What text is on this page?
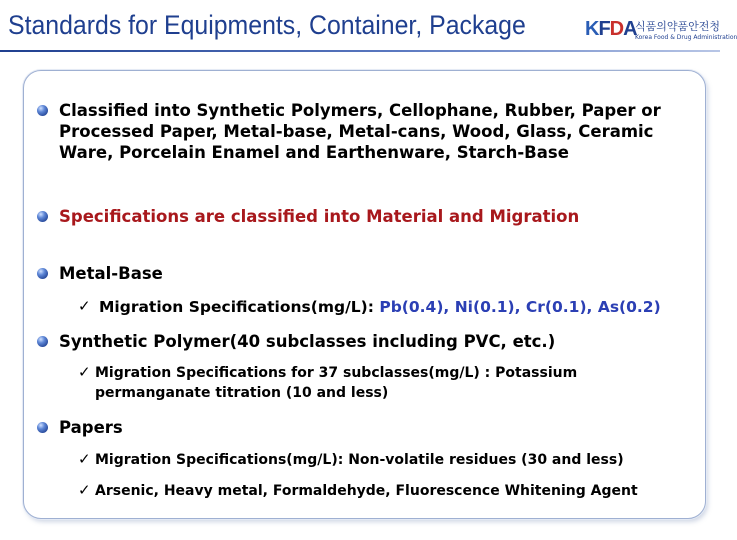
Standards for Equipments, Container, Package	KFDA
식품의약품안전청
Korea Food & Drug Administration
Classified into Synthetic Polymers, Cellophane, Rubber, Paper or Processed Paper, Metal-base, Metal-cans, Wood, Glass, Ceramic Ware, Porcelain Enamel and Earthenware, Starch-Base
Specifications are classified into Material and Migration
Metal-Base
✓ Migration Specifications(mg/L): Pb(0.4), Ni(0.1), Cr(0.1), As(0.2)
Synthetic Polymer(40 subclasses including PVC, etc.)
✓ Migration Specifications for 37 subclasses(mg/L) : Potassium permanganate titration (10 and less)
Papers
✓ Migration Specifications(mg/L): Non-volatile residues (30 and less)
✓ Arsenic, Heavy metal, Formaldehyde, Fluorescence Whitening Agent
